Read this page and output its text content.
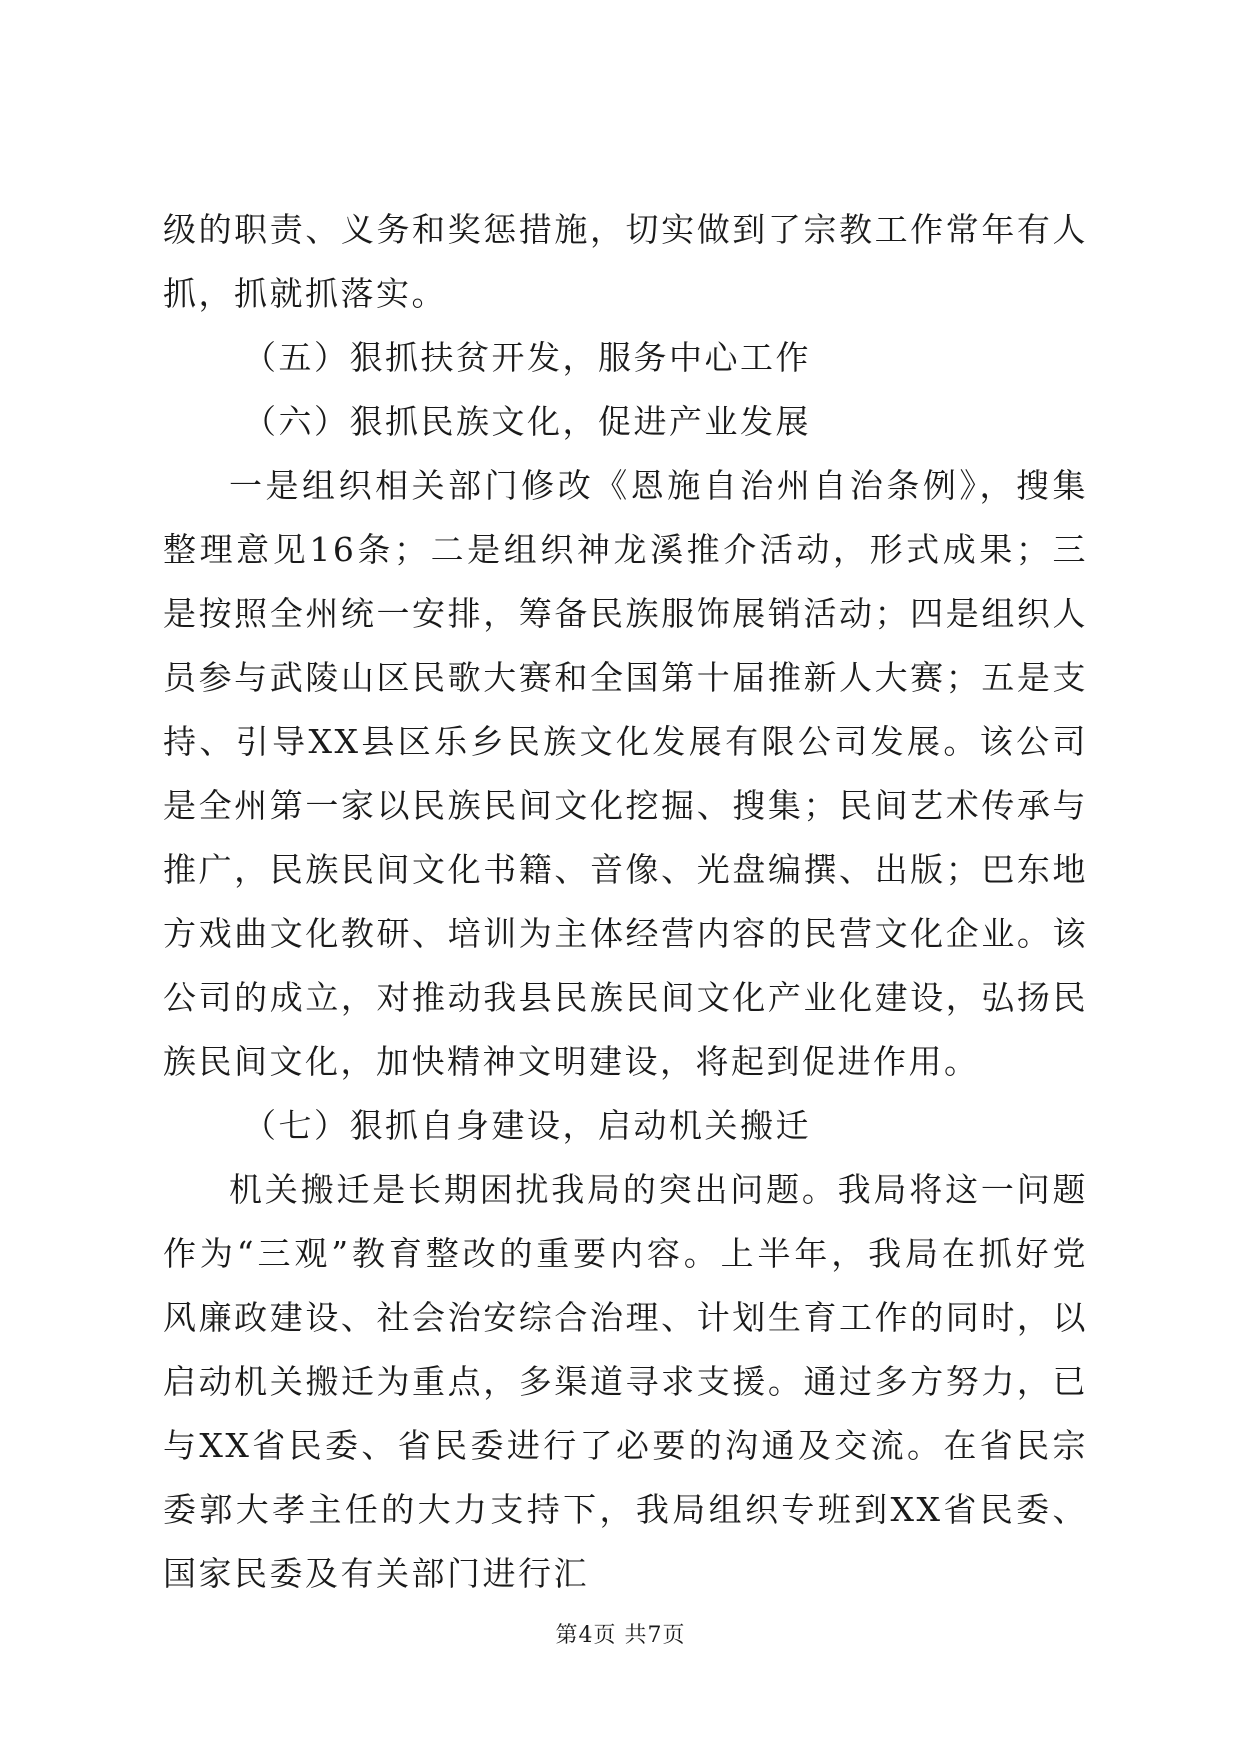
级的职责、义务和奖惩措施，切实做到了宗教工作常年有人抓，抓就抓落实。

（五）狠抓扶贫开发，服务中心工作

（六）狠抓民族文化，促进产业发展

一是组织相关部门修改《恩施自治州自治条例》，搜集整理意见16条；二是组织神龙溪推介活动，形式成果；三是按照全州统一安排，筹备民族服饰展销活动；四是组织人员参与武陵山区民歌大赛和全国第十届推新人大赛；五是支持、引导XX县区乐乡民族文化发展有限公司发展。该公司是全州第一家以民族民间文化挖掘、搜集；民间艺术传承与推广，民族民间文化书籍、音像、光盘编撰、出版；巴东地方戏曲文化教研、培训为主体经营内容的民营文化企业。该公司的成立，对推动我县民族民间文化产业化建设，弘扬民族民间文化，加快精神文明建设，将起到促进作用。

（七）狠抓自身建设，启动机关搬迁

机关搬迁是长期困扰我局的突出问题。我局将这一问题作为“三观”教育整改的重要内容。上半年，我局在抓好党风廉政建设、社会治安综合治理、计划生育工作的同时，以启动机关搬迁为重点，多渠道寻求支援。通过多方努力，已与XX省民委、省民委进行了必要的沟通及交流。在省民宗委郭大孝主任的大力支持下，我局组织专班到XX省民委、国家民委及有关部门进行汇

第4页 共7页
